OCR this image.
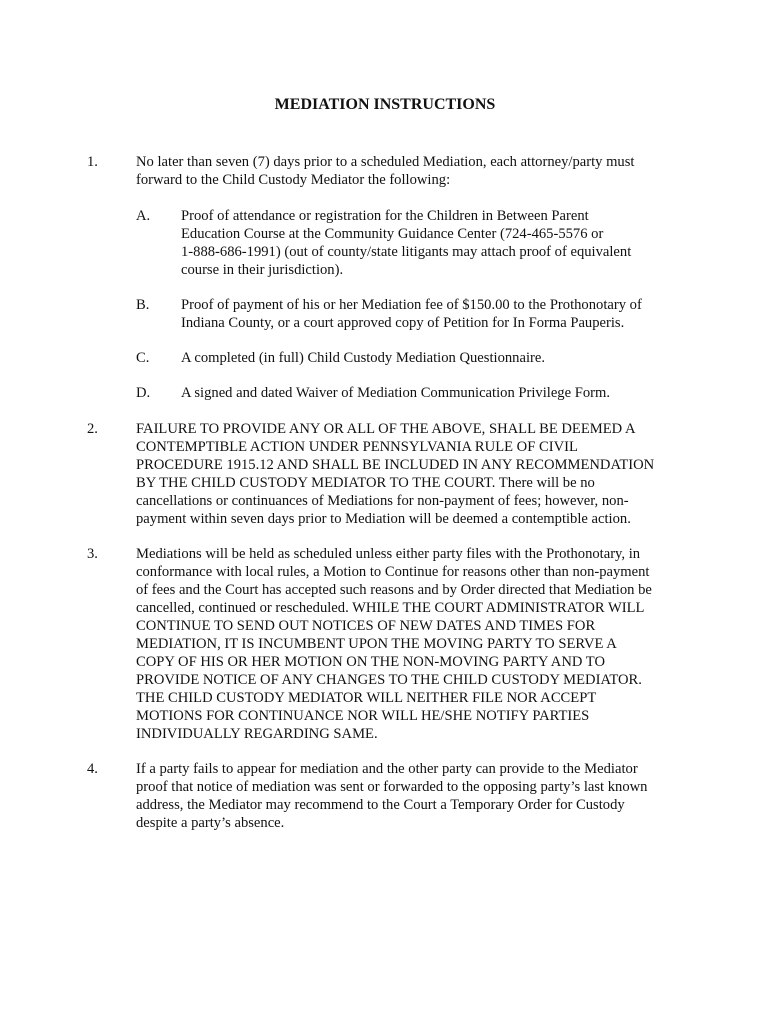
MEDIATION INSTRUCTIONS
1.	No later than seven (7) days prior to a scheduled Mediation, each attorney/party must
forward to the Child Custody Mediator the following:
A.	Proof of attendance or registration for the Children in Between Parent
Education Course at the Community Guidance Center (724-465-5576 or
1-888-686-1991) (out of county/state litigants may attach proof of equivalent
course in their jurisdiction).
B.	Proof of payment of his or her Mediation fee of $150.00 to the Prothonotary of
Indiana County, or a court approved copy of Petition for In Forma Pauperis.
C.	A completed (in full) Child Custody Mediation Questionnaire.
D.	A signed and dated Waiver of Mediation Communication Privilege Form.
2.	FAILURE TO PROVIDE ANY OR ALL OF THE ABOVE, SHALL BE DEEMED A
CONTEMPTIBLE ACTION UNDER PENNSYLVANIA RULE OF CIVIL
PROCEDURE 1915.12 AND SHALL BE INCLUDED IN ANY RECOMMENDATION
BY THE CHILD CUSTODY MEDIATOR TO THE COURT. There will be no
cancellations or continuances of Mediations for non-payment of fees; however, non-
payment within seven days prior to Mediation will be deemed a contemptible action.
3.	Mediations will be held as scheduled unless either party files with the Prothonotary, in
conformance with local rules, a Motion to Continue for reasons other than non-payment
of fees and the Court has accepted such reasons and by Order directed that Mediation be
cancelled, continued or rescheduled. WHILE THE COURT ADMINISTRATOR WILL
CONTINUE TO SEND OUT NOTICES OF NEW DATES AND TIMES FOR
MEDIATION, IT IS INCUMBENT UPON THE MOVING PARTY TO SERVE A
COPY OF HIS OR HER MOTION ON THE NON-MOVING PARTY AND TO
PROVIDE NOTICE OF ANY CHANGES TO THE CHILD CUSTODY MEDIATOR.
THE CHILD CUSTODY MEDIATOR WILL NEITHER FILE NOR ACCEPT
MOTIONS FOR CONTINUANCE NOR WILL HE/SHE NOTIFY PARTIES
INDIVIDUALLY REGARDING SAME.
4.	If a party fails to appear for mediation and the other party can provide to the Mediator
proof that notice of mediation was sent or forwarded to the opposing party’s last known
address, the Mediator may recommend to the Court a Temporary Order for Custody
despite a party’s absence.
